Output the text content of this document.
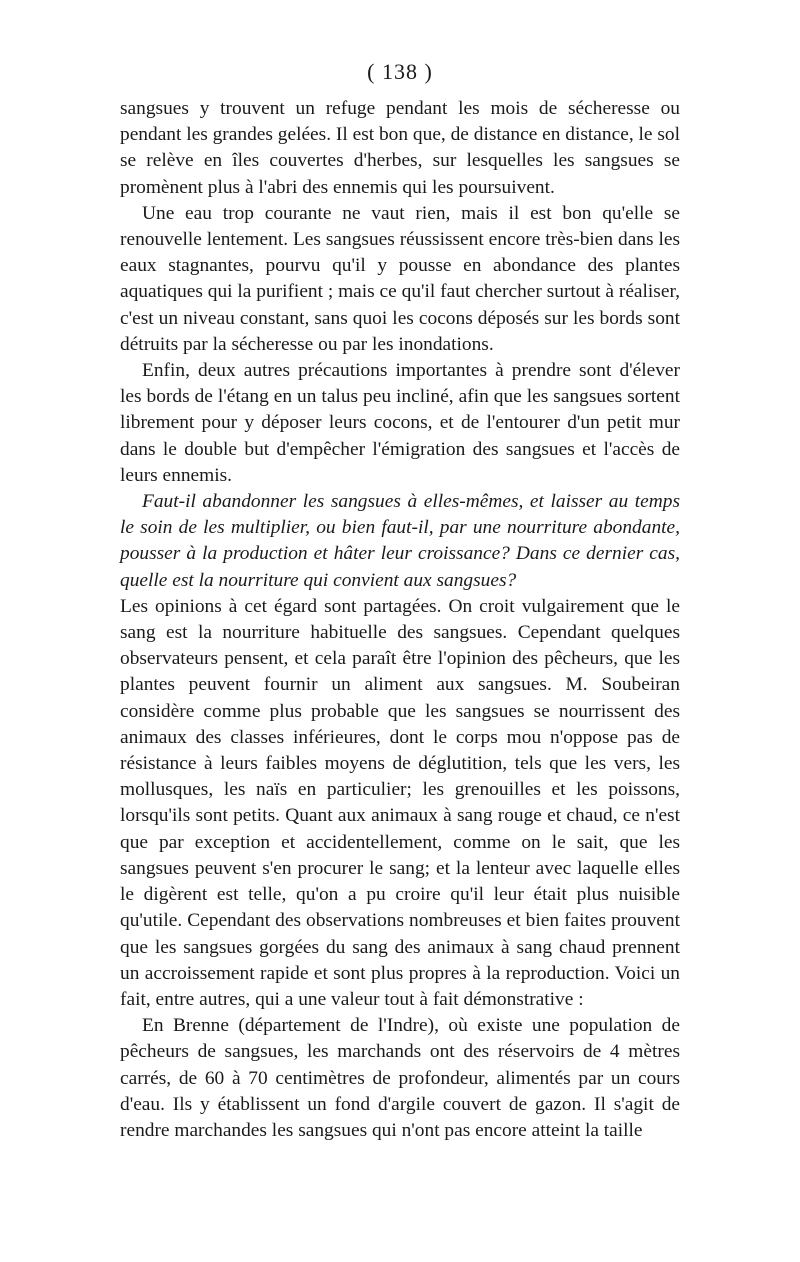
( 138 )

sangsues y trouvent un refuge pendant les mois de sécheresse ou pendant les grandes gelées. Il est bon que, de distance en distance, le sol se relève en îles couvertes d'herbes, sur lesquelles les sangsues se promènent plus à l'abri des ennemis qui les poursuivent.

Une eau trop courante ne vaut rien, mais il est bon qu'elle se renouvelle lentement. Les sangsues réussissent encore très-bien dans les eaux stagnantes, pourvu qu'il y pousse en abondance des plantes aquatiques qui la purifient ; mais ce qu'il faut chercher surtout à réaliser, c'est un niveau constant, sans quoi les cocons déposés sur les bords sont détruits par la sécheresse ou par les inondations.

Enfin, deux autres précautions importantes à prendre sont d'élever les bords de l'étang en un talus peu incliné, afin que les sangsues sortent librement pour y déposer leurs cocons, et de l'entourer d'un petit mur dans le double but d'empêcher l'émigration des sangsues et l'accès de leurs ennemis.

Faut-il abandonner les sangsues à elles-mêmes, et laisser au temps le soin de les multiplier, ou bien faut-il, par une nourriture abondante, pousser à la production et hâter leur croissance? Dans ce dernier cas, quelle est la nourriture qui convient aux sangsues?

Les opinions à cet égard sont partagées. On croit vulgairement que le sang est la nourriture habituelle des sangsues. Cependant quelques observateurs pensent, et cela paraît être l'opinion des pêcheurs, que les plantes peuvent fournir un aliment aux sangsues. M. Soubeiran considère comme plus probable que les sangsues se nourrissent des animaux des classes inférieures, dont le corps mou n'oppose pas de résistance à leurs faibles moyens de déglutition, tels que les vers, les mollusques, les naïs en particulier; les grenouilles et les poissons, lorsqu'ils sont petits. Quant aux animaux à sang rouge et chaud, ce n'est que par exception et accidentellement, comme on le sait, que les sangsues peuvent s'en procurer le sang; et la lenteur avec laquelle elles le digèrent est telle, qu'on a pu croire qu'il leur était plus nuisible qu'utile. Cependant des observations nombreuses et bien faites prouvent que les sangsues gorgées du sang des animaux à sang chaud prennent un accroissement rapide et sont plus propres à la reproduction. Voici un fait, entre autres, qui a une valeur tout à fait démonstrative :

En Brenne (département de l'Indre), où existe une population de pêcheurs de sangsues, les marchands ont des réservoirs de 4 mètres carrés, de 60 à 70 centimètres de profondeur, alimentés par un cours d'eau. Ils y établissent un fond d'argile couvert de gazon. Il s'agit de rendre marchandes les sangsues qui n'ont pas encore atteint la taille
